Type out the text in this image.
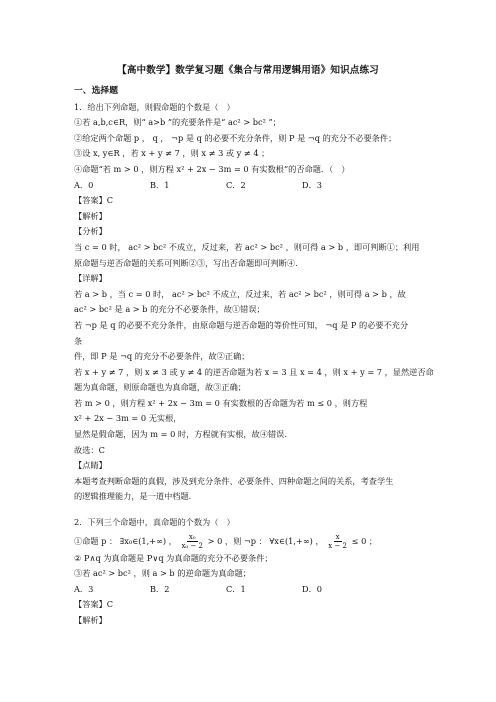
【高中数学】数学复习题《集合与常用逻辑用语》知识点练习
一、选择题
1．给出下列命题，则假命题的个数是（　）
①若 a,b,c∈R，则“ a>b ”的充要条件是“ ac² > bc² ”；
②给定两个命题 p ， q ， ¬p 是 q 的必要不充分条件，则 P 是 ¬q 的充分不必要条件；
③设 x, y∈R ，若 x + y ≠ 7 ，则 x ≠ 3 或 y ≠ 4 ；
④命题“若 m > 0 ，则方程 x² + 2x − 3m = 0 有实数根”的否命题．（　）
A．0	B．1	C．2	D．3
【答案】C
【解析】
【分析】
当 c = 0 时， ac² > bc² 不成立，反过来，若 ac² > bc² ，则可得 a > b ，即可判断①；利用
原命题与逆否命题的关系可判断②③，写出否命题即可判断④.
【详解】
若 a > b ，当 c = 0 时， ac² > bc² 不成立，反过来，若 ac² > bc² ，则可得 a > b ，故
ac² > bc² 是 a > b 的充分不必要条件，故①错误；
若 ¬p 是 q 的必要不充分条件，由原命题与逆否命题的等价性可知， ¬q 是 P 的必要不充分
条
件，即 P 是 ¬q 的充分不必要条件，故②正确；
若 x + y ≠ 7 ，则 x ≠ 3 或 y ≠ 4 的逆否命题为若 x = 3 且 x = 4 ，则 x + y = 7 ，显然逆否命
题为真命题，则原命题也为真命题，故③正确；
若 m > 0 ，则方程 x² + 2x − 3m = 0 有实数根的否命题为若 m ≤ 0 ，则方程
x² + 2x − 3m = 0 无实根，
显然是假命题，因为 m = 0 时，方程就有实根，故④错误.
故选：C
【点睛】
本题考查判断命题的真假，涉及到充分条件、必要条件、四种命题之间的关系，考查学生
的逻辑推理能力，是一道中档题.
2．下列三个命题中，真命题的个数为（　）
①命题 p ： ∃x₀∈(1,+∞) ， $\frac{\text{x₀}}{\text{x₀ − 2}} > 0$ ，则 ¬p ： ∀x∈(1,+∞) ， $\frac{x}{x - 2} \le 0$ ；
② P∧q 为真命题是 P∨q 为真命题的充分不必要条件；
③若 ac² > bc² ，则 a > b 的逆命题为真命题；
A．3	B．2	C．1	D．0
【答案】C
【解析】
